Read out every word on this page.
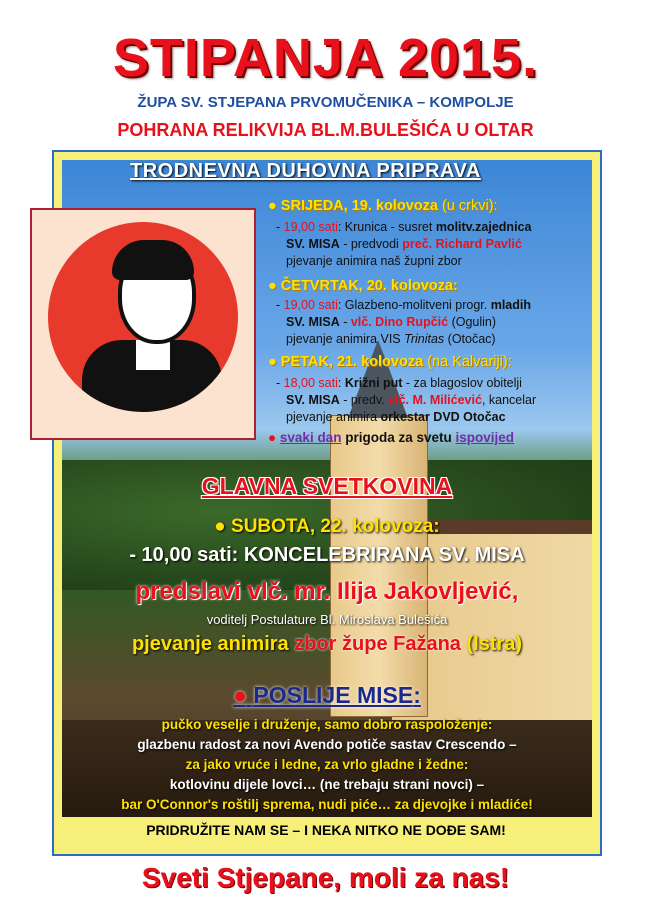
STIPANJA 2015.
ŽUPA SV. STJEPANA PRVOMUČENIKA – KOMPOLJE
POHRANA RELIKVIJA BL.M.BULEŠIĆA U OLTAR
TRODNEVNA DUHOVNA PRIPRAVA
● SRIJEDA, 19. kolovoza (u crkvi):
- 19,00 sati: Krunica - susret molitv.zajednica
SV. MISA - predvodi preč. Richard Pavlić
pjevanje animira naš župni zbor
● ČETVRTAK, 20. kolovoza:
- 19,00 sati: Glazbeno-molitveni progr. mladih
SV. MISA - vlč. Dino Rupčić (Ogulin)
pjevanje animira VIS Trinitas (Otočac)
● PETAK, 21. kolovoza (na Kalvariji):
- 18,00 sati: Križni put - za blagoslov obitelji
SV. MISA - predv. vlč. M. Milićević, kancelar
pjevanje animira orkestar DVD Otočac
● svaki dan prigoda za svetu ispovijed
GLAVNA SVETKOVINA
● SUBOTA, 22. kolovoza:
- 10,00 sati: KONCELEBRIRANA SV. MISA
predslavi vlč. mr. Ilija Jakovljević,
voditelj Postulature Bl. Miroslava Bulešića
pjevanje animira zbor župe Fažana (Istra)
● POSLIJE MISE:
pučko veselje i druženje, samo dobro raspoloženje:
glazbenu radost za novi Avendo potiče sastav Crescendo –
za jako vruće i ledne, za vrlo gladne i žedne:
kotlovinu dijele lovci… (ne trebaju strani novci) –
bar O'Connor's roštilj sprema, nudi piće… za djevojke i mladiće!
PRIDRUŽITE NAM SE – I NEKA NITKO NE DOĐE SAM!
Sveti Stjepane, moli za nas!
